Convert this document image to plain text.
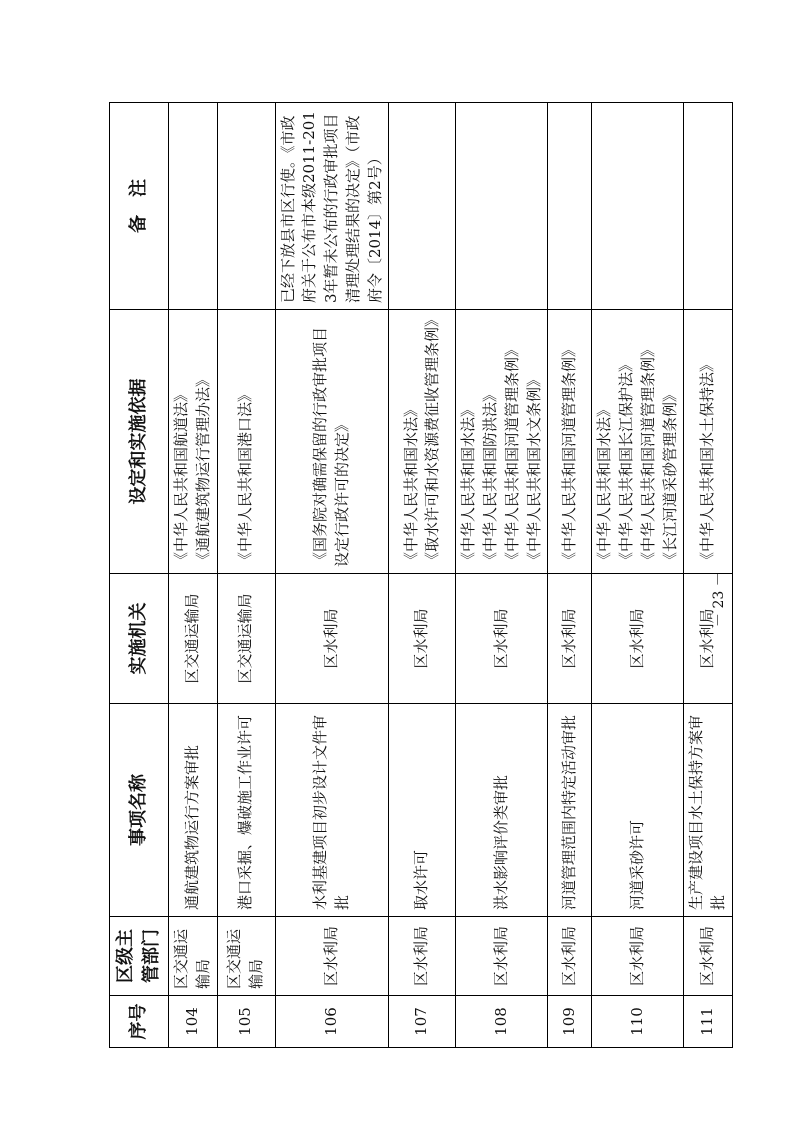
序号	区级主管部门	事项名称	实施机关	设定和实施依据	备　注
104	区交通运输局	通航建筑物运行方案审批	区交通运输局	《中华人民共和国航道法》 《通航建筑物运行管理办法》	

105	区交通运输局	港口采掘、爆破施工作业许可	区交通运输局	《中华人民共和国港口法》	

106	区水利局	水利基建项目初步设计文件审批	区水利局	《国务院对确需保留的行政审批项目设定行政许可的决定》	已经下放县市区行使。《市政府关于公布市本级2011-2013年暂未公布的行政审批项目清理处理结果的决定》（市政府令〔2014〕第2号）
107	区水利局	取水许可	区水利局	《中华人民共和国水法》 《取水许可和水资源费征收管理条例》	

108	区水利局	洪水影响评价类审批	区水利局	《中华人民共和国水法》 《中华人民共和国防洪法》 《中华人民共和国河道管理条例》 《中华人民共和国水文条例》	

109	区水利局	河道管理范围内特定活动审批	区水利局	《中华人民共和国河道管理条例》	

110	区水利局	河道采砂许可	区水利局	《中华人民共和国水法》 《中华人民共和国长江保护法》 《中华人民共和国河道管理条例》 《长江河道采砂管理条例》	

111	区水利局	生产建设项目水土保持方案审批	区水利局	《中华人民共和国水土保持法》	

－ 23 －
